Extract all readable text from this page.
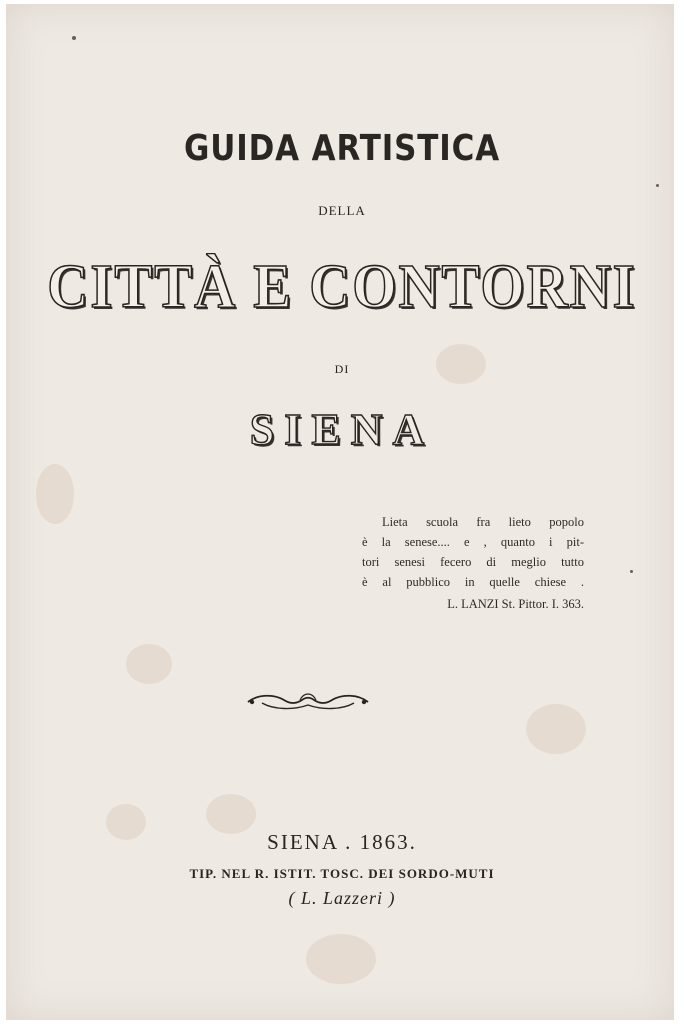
GUIDA ARTISTICA
DELLA
CITTÀ E CONTORNI
DI
SIENA
Lieta scuola fra lieto popolo
è la senese.... e , quanto i pit-
tori senesi fecero di meglio tutto
è al pubblico in quelle chiese .
L. LANZI St. Pittor. I. 363.
SIENA . 1863.
TIP. NEL R. ISTIT. TOSC. DEI SORDO-MUTI
( L. Lazzeri )
